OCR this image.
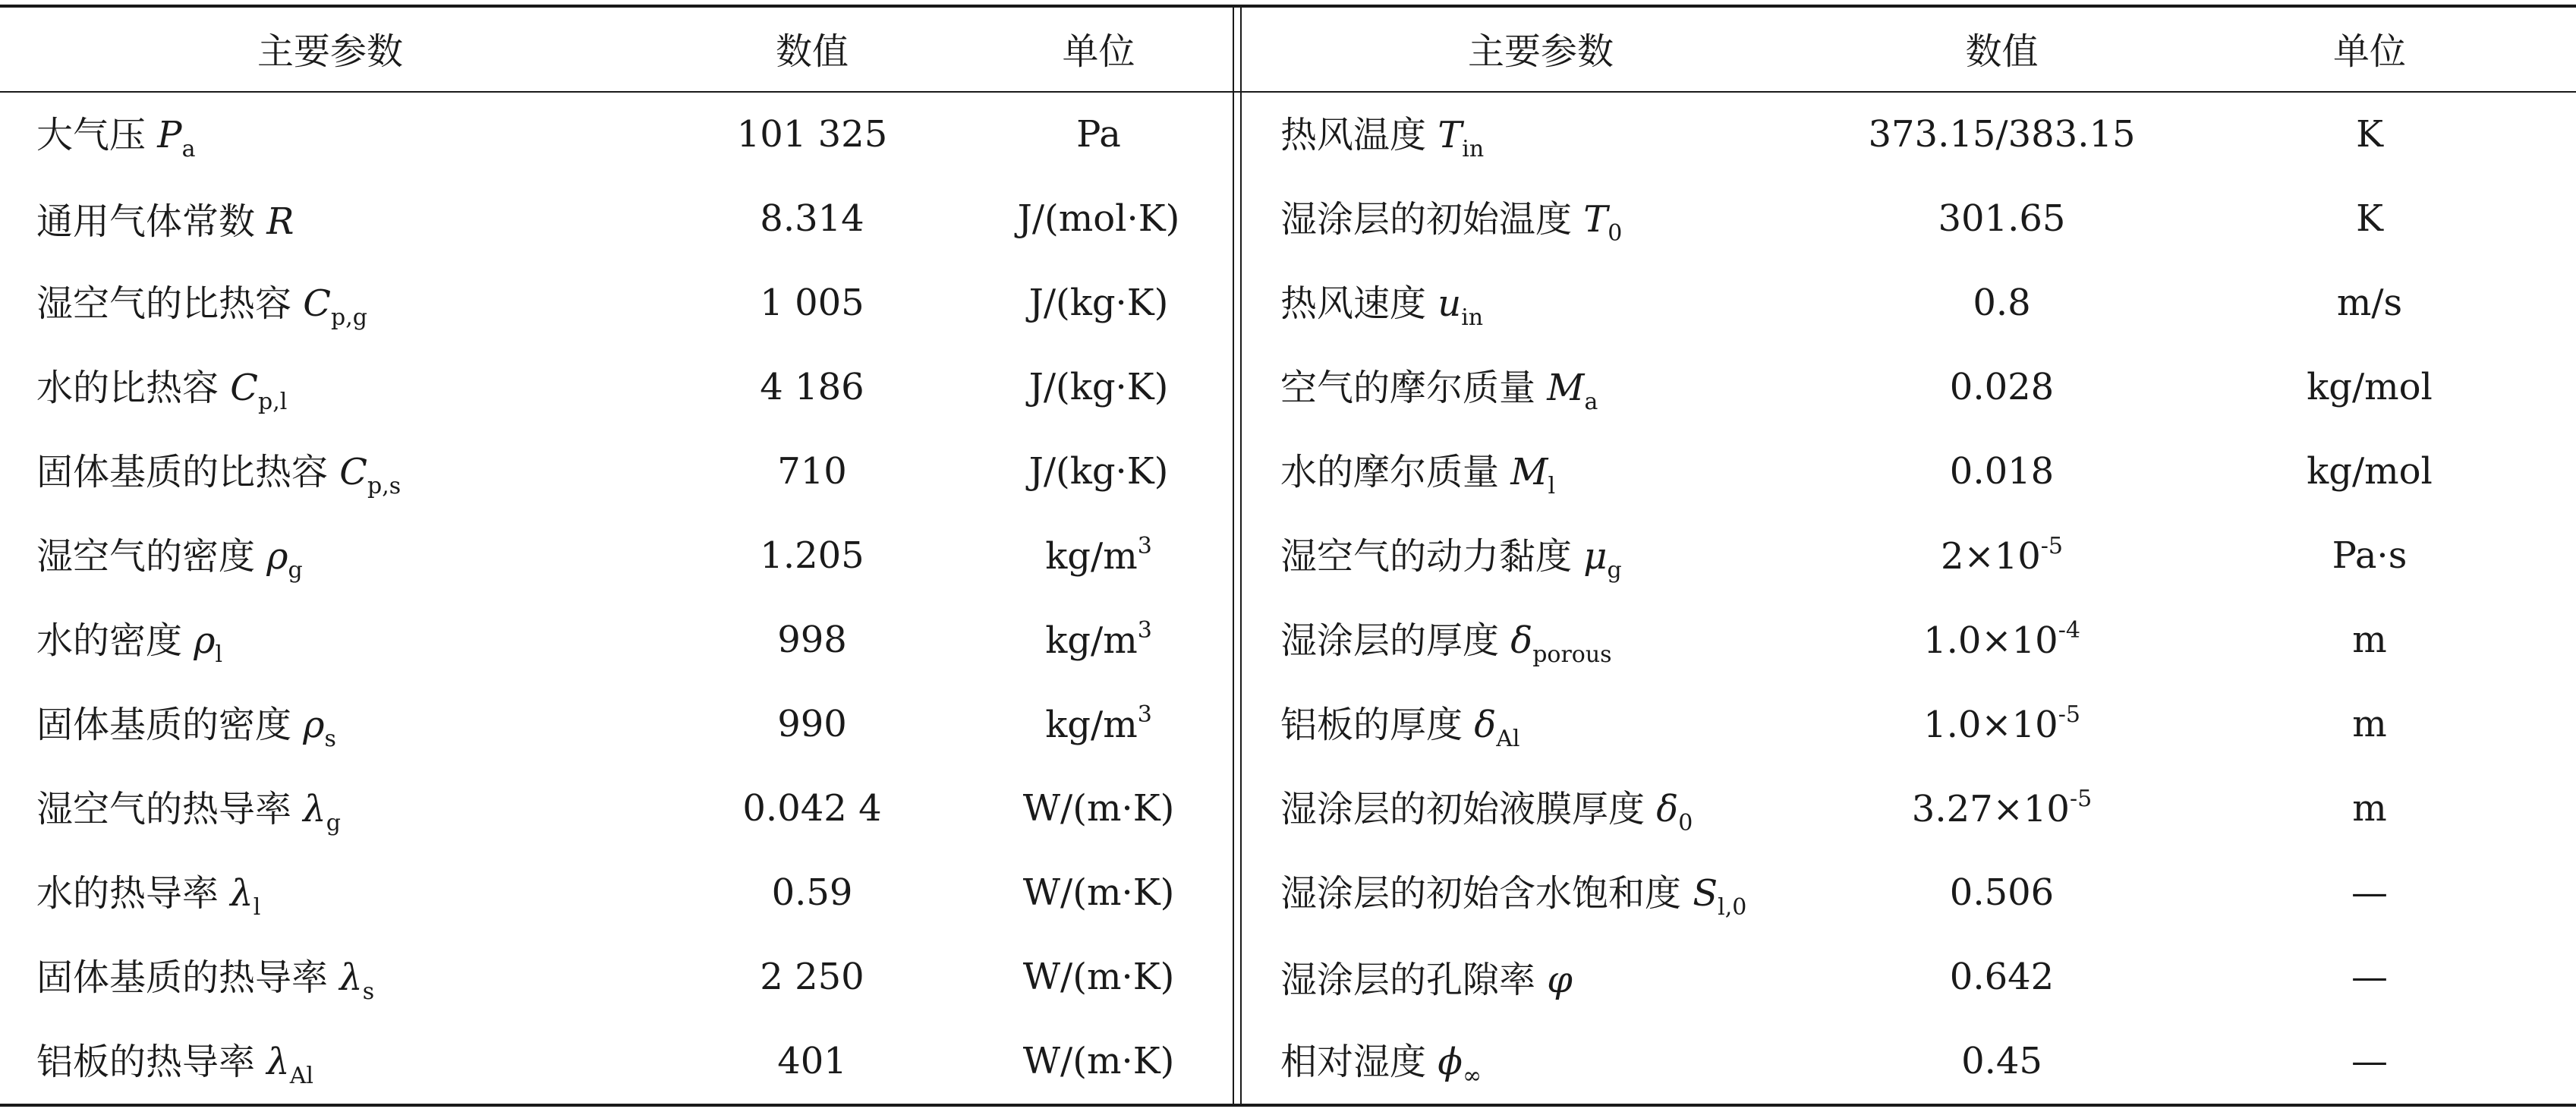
主要参数	数值	单位		主要参数	数值	单位
大气压 $P_a$	101 325	Pa		热风温度 $T_{in}$	373.15/383.15	K
通用气体常数 R	8.314	J/(mol·K)		湿涂层的初始温度 $T_0$	301.65	K
湿空气的比热容 $C_{p,g}$	1 005	J/(kg·K)		热风速度 $u_{in}$	0.8	m/s
水的比热容 $C_{p,l}$	4 186	J/(kg·K)		空气的摩尔质量 $M_a$	0.028	kg/mol
固体基质的比热容 $C_{p,s}$	710	J/(kg·K)		水的摩尔质量 $M_l$	0.018	kg/mol
湿空气的密度 $\rho_g$	1.205	$kg/m^3$		湿空气的动力黏度 $\mu_g$	$2\times 10^{-5}$	Pa·s
水的密度 $\rho_l$	998	$kg/m^3$		湿涂层的厚度 $\delta_{porous}$	$1.0\times 10^{-4}$	m
固体基质的密度 $\rho_s$	990	$kg/m^3$		铝板的厚度 $\delta_{Al}$	$1.0\times 10^{-5}$	m
湿空气的热导率 $\lambda_g$	0.042 4	W/(m·K)		湿涂层的初始液膜厚度 $\delta_0$	$3.27\times 10^{-5}$	m
水的热导率 $\lambda_l$	0.59	W/(m·K)		湿涂层的初始含水饱和度 $S_{l,0}$	0.506	—
固体基质的热导率 $\lambda_s$	2 250	W/(m·K)		湿涂层的孔隙率 φ	0.642	—
铝板的热导率 $\lambda_{Al}$	401	W/(m·K)		相对湿度 $\phi_\infty$	0.45	—
